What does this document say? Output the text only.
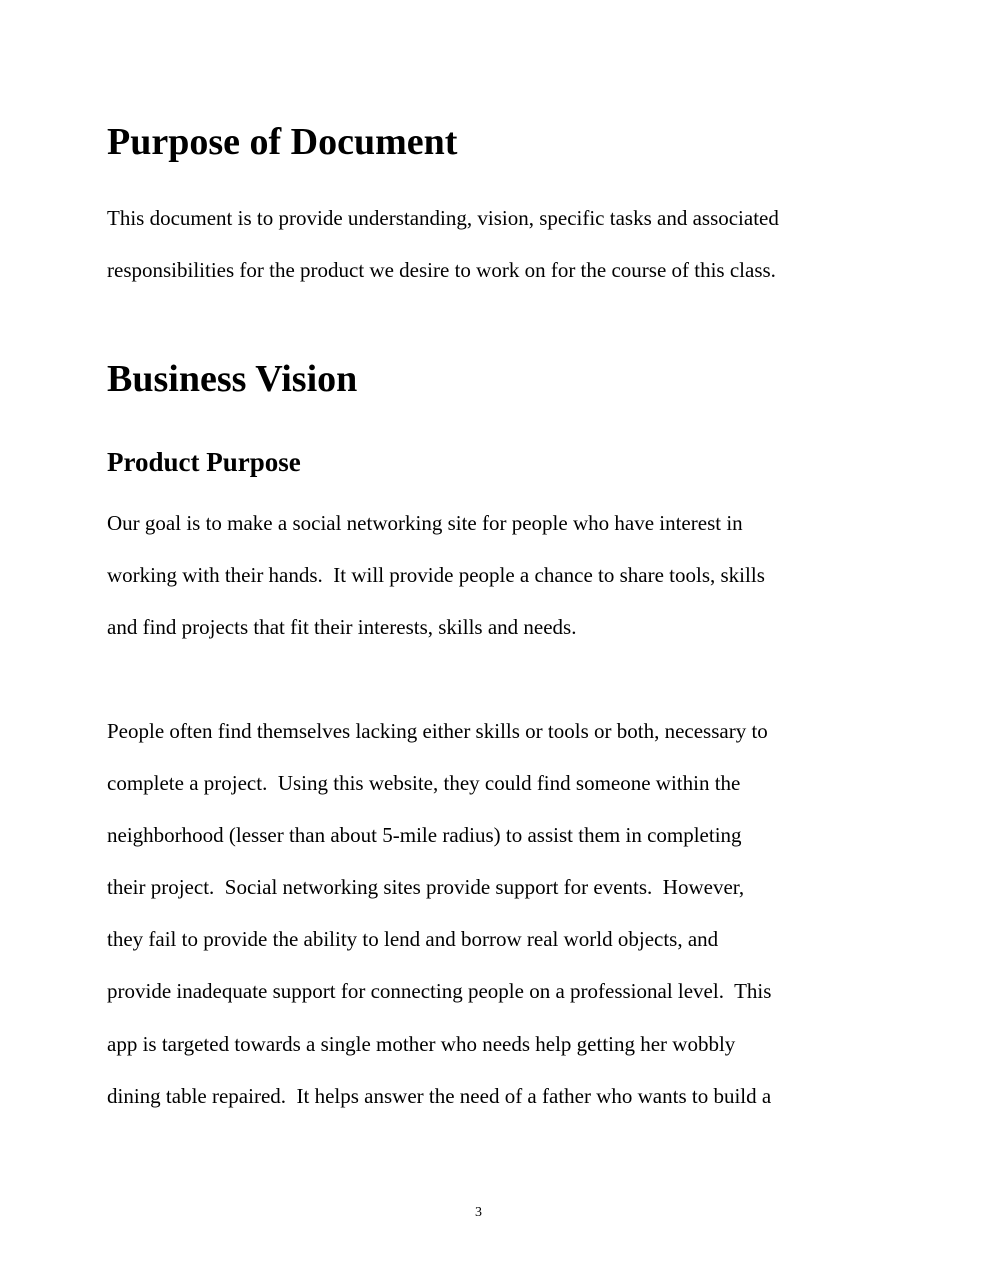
Purpose of Document

This document is to provide understanding, vision, specific tasks and associated

responsibilities for the product we desire to work on for the course of this class.

Business Vision
Product Purpose

Our goal is to make a social networking site for people who have interest in

working with their hands.  It will provide people a chance to share tools, skills

and find projects that fit their interests, skills and needs.

People often find themselves lacking either skills or tools or both, necessary to

complete a project.  Using this website, they could find someone within the

neighborhood (lesser than about 5-mile radius) to assist them in completing

their project.  Social networking sites provide support for events.  However,

they fail to provide the ability to lend and borrow real world objects, and

provide inadequate support for connecting people on a professional level.  This

app is targeted towards a single mother who needs help getting her wobbly

dining table repaired.  It helps answer the need of a father who wants to build a

3
